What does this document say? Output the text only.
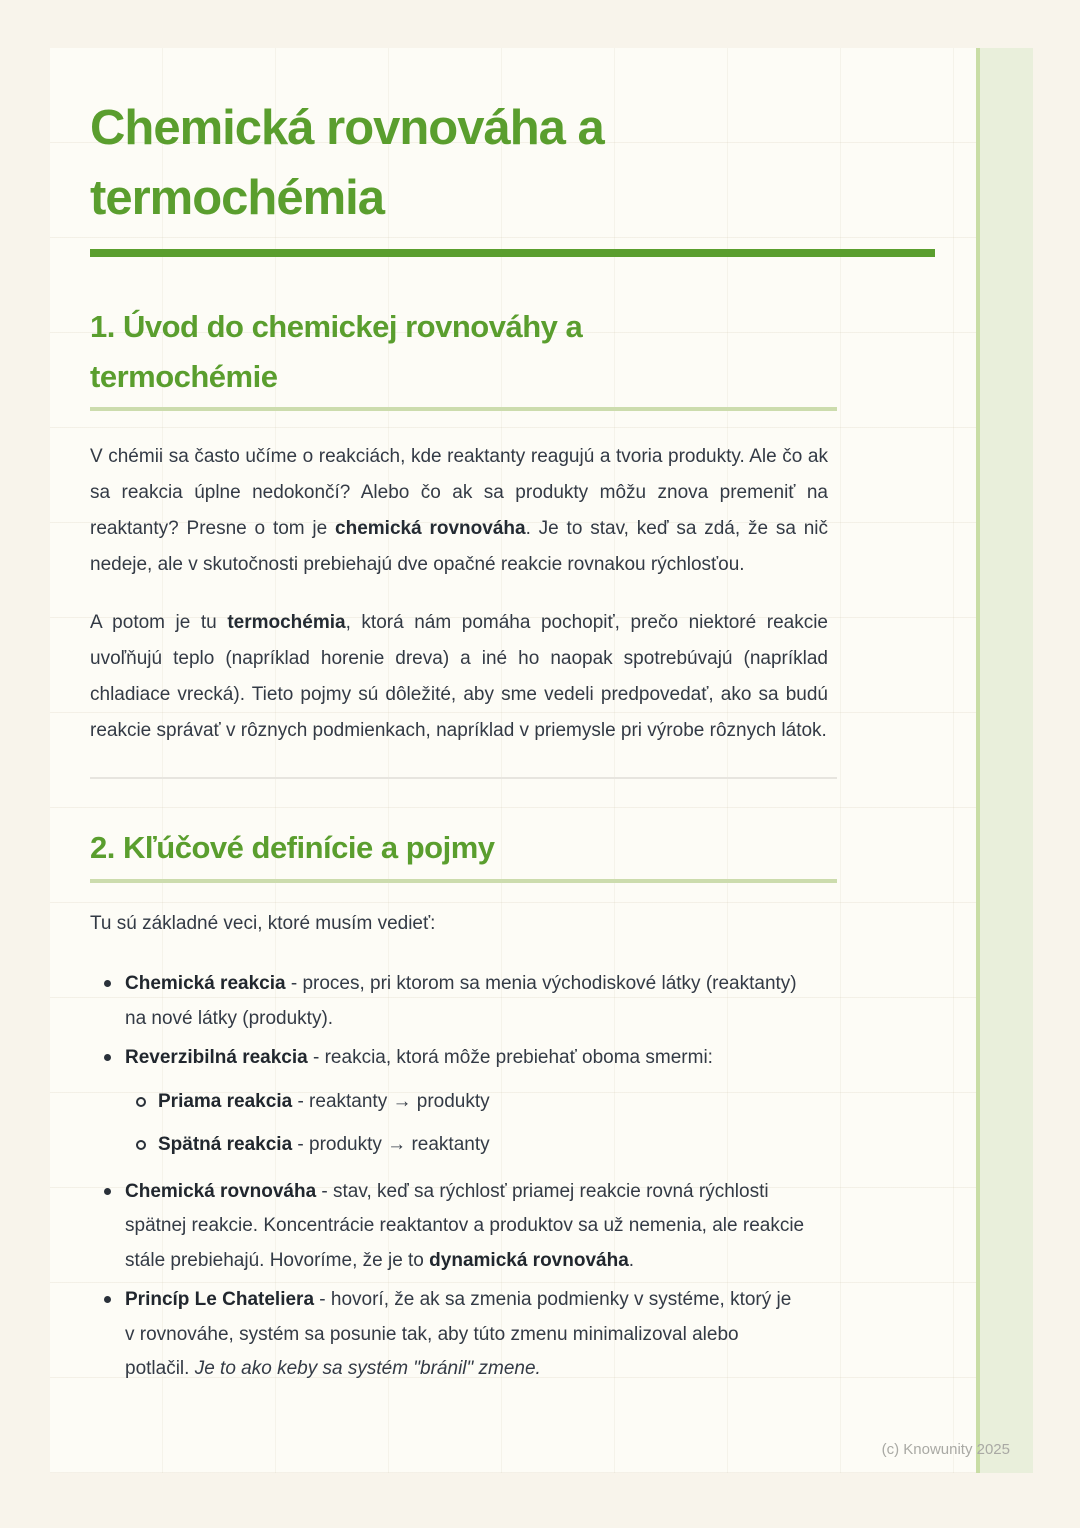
Chemická rovnováha a termochémia
1. Úvod do chemickej rovnováhy a termochémie

V chémii sa často učíme o reakciách, kde reaktanty reagujú a tvoria produkty. Ale čo ak sa reakcia úplne nedokončí? Alebo čo ak sa produkty môžu znova premeniť na reaktanty? Presne o tom je chemická rovnováha. Je to stav, keď sa zdá, že sa nič nedeje, ale v skutočnosti prebiehajú dve opačné reakcie rovnakou rýchlosťou.

A potom je tu termochémia, ktorá nám pomáha pochopiť, prečo niektoré reakcie uvoľňujú teplo (napríklad horenie dreva) a iné ho naopak spotrebúvajú (napríklad chladiace vrecká). Tieto pojmy sú dôležité, aby sme vedeli predpovedať, ako sa budú reakcie správať v rôznych podmienkach, napríklad v priemysle pri výrobe rôznych látok.

2. Kľúčové definície a pojmy

Tu sú základné veci, ktoré musím vedieť:

Chemická reakcia - proces, pri ktorom sa menia východiskové látky (reaktanty) na nové látky (produkty).
Reverzibilná reakcia - reakcia, ktorá môže prebiehať oboma smermi:
Priama reakcia - reaktanty → produkty
Spätná reakcia - produkty → reaktanty
Chemická rovnováha - stav, keď sa rýchlosť priamej reakcie rovná rýchlosti spätnej reakcie. Koncentrácie reaktantov a produktov sa už nemenia, ale reakcie stále prebiehajú. Hovoríme, že je to dynamická rovnováha.
Princíp Le Chateliera - hovorí, že ak sa zmenia podmienky v systéme, ktorý je v rovnováhe, systém sa posunie tak, aby túto zmenu minimalizoval alebo potlačil. Je to ako keby sa systém "bránil" zmene.
(c) Knowunity 2025
